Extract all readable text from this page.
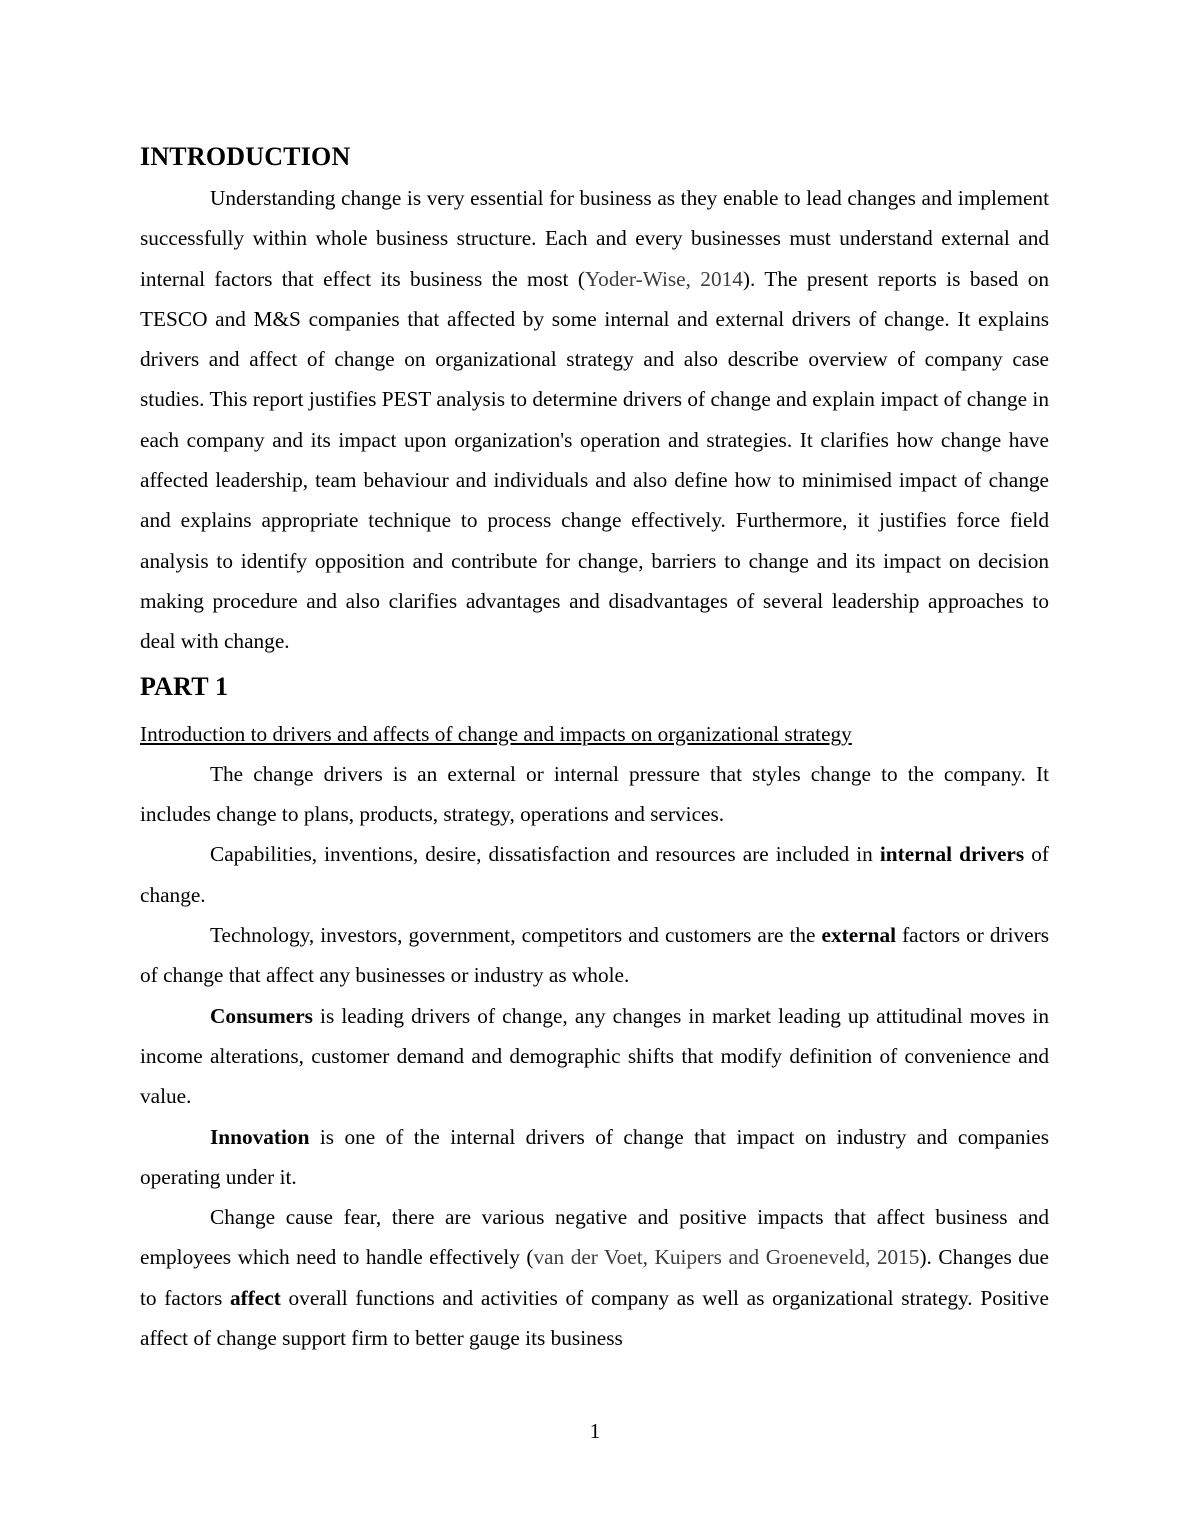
INTRODUCTION

Understanding change is very essential for business as they enable to lead changes and implement successfully within whole business structure. Each and every businesses must understand external and internal factors that effect its business the most (Yoder-Wise, 2014). The present reports is based on TESCO and M&S companies that affected by some internal and external drivers of change. It explains drivers and affect of change on organizational strategy and also describe overview of company case studies. This report justifies PEST analysis to determine drivers of change and explain impact of change in each company and its impact upon organization's operation and strategies. It clarifies how change have affected leadership, team behaviour and individuals and also define how to minimised impact of change and explains appropriate technique to process change effectively. Furthermore, it justifies force field analysis to identify opposition and contribute for change, barriers to change and its impact on decision making procedure and also clarifies advantages and disadvantages of several leadership approaches to deal with change.

PART 1

Introduction to drivers and affects of change and impacts on organizational strategy

The change drivers is an external or internal pressure that styles change to the company. It includes change to plans, products, strategy, operations and services.

Capabilities, inventions, desire, dissatisfaction and resources are included in internal drivers of change.

Technology, investors, government, competitors and customers are the external factors or drivers of change that affect any businesses or industry as whole.

Consumers is leading drivers of change, any changes in market leading up attitudinal moves in income alterations, customer demand and demographic shifts that modify definition of convenience and value.

Innovation is one of the internal drivers of change that impact on industry and companies operating under it.

Change cause fear, there are various negative and positive impacts that affect business and employees which need to handle effectively (van der Voet, Kuipers and Groeneveld, 2015). Changes due to factors affect overall functions and activities of company as well as organizational strategy. Positive affect of change support firm to better gauge its business

1
